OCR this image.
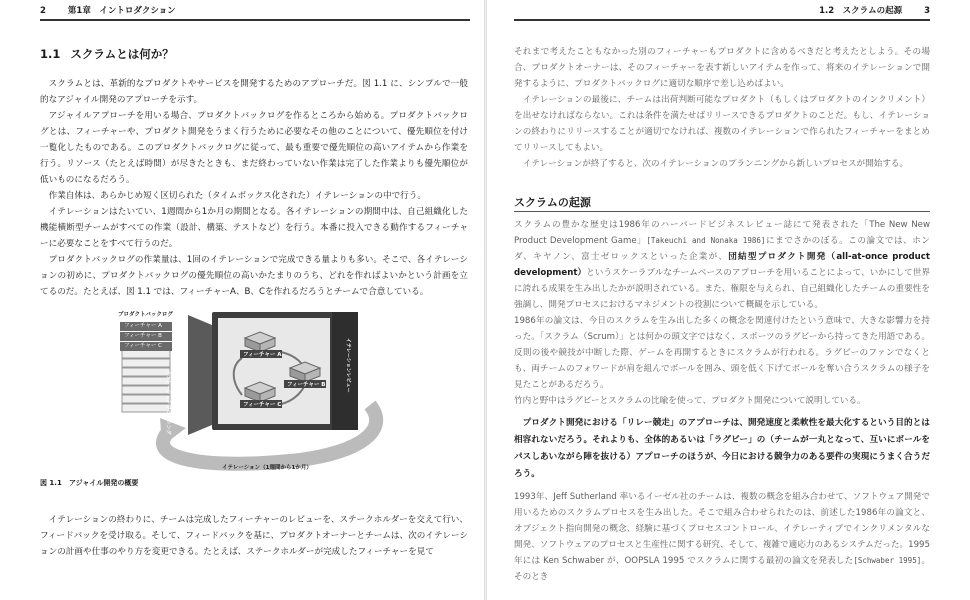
2	第1章　イントロダクション
1.1 スクラムとは何か？

スクラムとは、革新的なプロダクトやサービスを開発するためのアプローチだ。図 1.1 に、シンプルで一般的なアジャイル開発のアプローチを示す。

アジャイルアプローチを用いる場合、プロダクトバックログを作るところから始める。プロダクトバックログとは、フィーチャーや、プロダクト開発をうまく行うために必要なその他のことについて、優先順位を付け一覧化したものである。このプロダクトバックログに従って、最も重要で優先順位の高いアイテムから作業を行う。リソース（たとえば時間）が尽きたときも、まだ終わっていない作業は完了した作業よりも優先順位が低いものになるだろう。

作業自体は、あらかじめ短く区切られた（タイムボックス化された）イテレーションの中で行う。

イテレーションはたいてい、1週間から1か月の期間となる。各イテレーションの期間中は、自己組織化した機能横断型チームがすべての作業（設計、構築、テストなど）を行う。本番に投入できる動作するフィーチャーに必要なことをすべて行うのだ。

プロダクトバックログの作業量は、1回のイテレーションで完成できる量よりも多い。そこで、各イテレーションの初めに、プロダクトバックログの優先順位の高いかたまりのうち、どれを作ればよいかという計画を立てるのだ。たとえば、図 1.1 では、フィーチャーA、B、Cを作れるだろうとチームで合意している。

プロダクトバックログ
フィーチャー A
フィーチャー B
フィーチャー C
フィーチャー A
フィーチャー B
フィーチャー C
イテレーションプランニング
イテレーションレビュー
イテレーション（1週間から1か月）
図 1.1　 アジャイル開発の概要

イテレーションの終わりに、チームは完成したフィーチャーのレビューを、ステークホルダーを交えて行い、フィードバックを受け取る。そして、フィードバックを基に、プロダクトオーナーとチームは、次のイテレーションの計画や仕事のやり方を変更できる。たとえば、ステークホルダーが完成したフィーチャーを見て

1.2　スクラムの起源	3

それまで考えたこともなかった別のフィーチャーもプロダクトに含めるべきだと考えたとしよう。その場合、プロダクトオーナーは、そのフィーチャーを表す新しいアイテムを作って、将来のイテレーションで開発するように、プロダクトバックログに適切な順序で差し込めばよい。

イテレーションの最後に、チームは出荷判断可能なプロダクト（もしくはプロダクトのインクリメント）を出せなければならない。これは条件を満たせばリリースできるプロダクトのことだ。もし、イテレーションの終わりにリリースすることが適切でなければ、複数のイテレーションで作られたフィーチャーをまとめてリリースしてもよい。

イテレーションが終了すると、次のイテレーションのプランニングから新しいプロセスが開始する。

スクラムの起源

スクラムの豊かな歴史は1986年のハーバードビジネスレビュー誌にて発表された「The New New Product Development Game」[Takeuchi and Nonaka 1986]にまでさかのぼる。この論文では、ホンダ、キヤノン、富士ゼロックスといった企業が、団結型プロダクト開発（all-at-once product development）というスケーラブルなチームベースのアプローチを用いることによって、いかにして世界に誇れる成果を生み出したかが説明されている。また、権限を与えられ、自己組織化したチームの重要性を強調し、開発プロセスにおけるマネジメントの役割について概観を示している。

1986年の論文は、今日のスクラムを生み出した多くの概念を関連付けたという意味で、大きな影響力を持った。「スクラム（Scrum）」とは何かの頭文字ではなく、スポーツのラグビーから持ってきた用語である。反則の後や競技が中断した際、ゲームを再開するときにスクラムが行われる。ラグビーのファンでなくとも、両チームのフォワードが肩を組んでボールを囲み、頭を低く下げてボールを奪い合うスクラムの様子を見たことがあるだろう。

竹内と野中はラグビーとスクラムの比喩を使って、プロダクト開発について説明している。

プロダクト開発における「リレー競走」のアプローチは、開発速度と柔軟性を最大化するという目的とは相容れないだろう。それよりも、全体的あるいは「ラグビー」の（チームが一丸となって、互いにボールをパスしあいながら陣を抜ける）アプローチのほうが、今日における競争力のある要件の実現にうまく合うだろう。

1993年、Jeff Sutherland 率いるイーゼル社のチームは、複数の概念を組み合わせて、ソフトウェア開発で用いるためのスクラムプロセスを生み出した。そこで組み合わせられたのは、前述した1986年の論文と、オブジェクト指向開発の概念、経験に基づくプロセスコントロール、イテレーティブでインクリメンタルな開発、ソフトウェアのプロセスと生産性に関する研究、そして、複雑で適応力のあるシステムだった。1995年には Ken Schwaber が、OOPSLA 1995 でスクラムに関する最初の論文を発表した[Schwaber 1995]。そのとき
